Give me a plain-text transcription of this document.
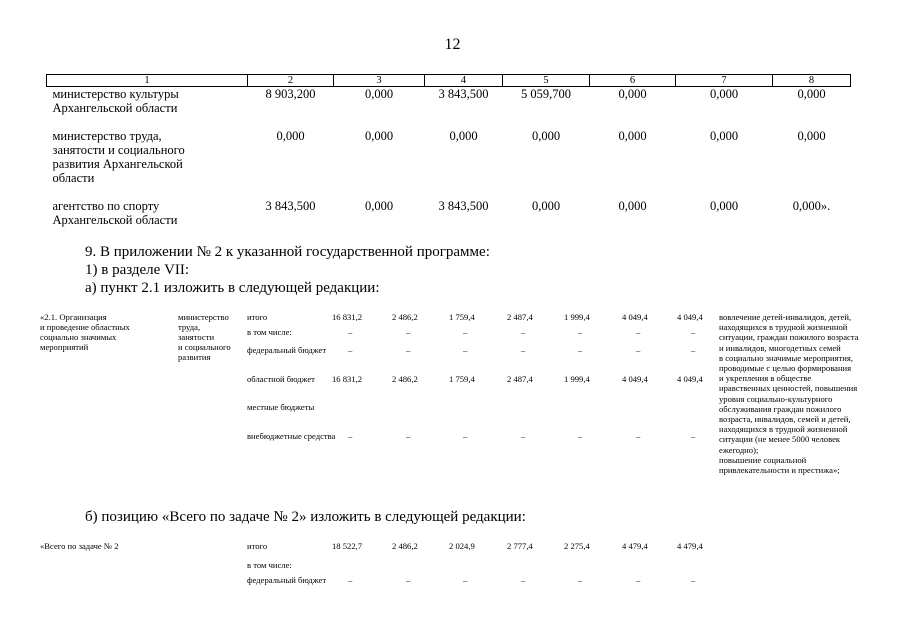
12
1	2	3	4	5	6	7	8
министерство культуры
Архангельской области	8 903,200	0,000	3 843,500	5 059,700	0,000	0,000	0,000

министерство труда,
занятости и социального
развития Архангельской
области	0,000	0,000	0,000	0,000	0,000	0,000	0,000

агентство по спорту
Архангельской области	3 843,500	0,000	3 843,500	0,000	0,000	0,000	0,000».
9. В приложении № 2 к указанной государственной программе:
1) в разделе VII:
а) пункт 2.1 изложить в следующей редакции:
«2.1. Организация
и проведение областных
социально значимых
мероприятий
министерство
труда,
занятости
и социального
развития
итого	16 831,2	2 486,2	1 759,4	2 487,4	1 999,4	4 049,4	4 049,4
в том числе:	–	–	–	–	–	–	–
федеральный бюджет	–	–	–	–	–	–	–
областной бюджет 16 831,2	2 486,2	1 759,4	2 487,4	1 999,4	4 049,4	4 049,4
местные бюджеты
внебюджетные средства –	–	–	–	–	–	–
вовлечение детей-инвалидов, детей,
находящихся в трудной жизненной
ситуации, граждан пожилого возраста
и инвалидов, многодетных семей
в социально значимые мероприятия,
проводимые с целью формирования
и укрепления в обществе
нравственных ценностей, повышения
уровня социально-культурного
обслуживания граждан пожилого
возраста, инвалидов, семей и детей,
находящихся в трудной жизненной
ситуации (не менее 5000 человек
ежегодно);
повышение социальной
привлекательности и престижа»;
б) позицию «Всего по задаче № 2» изложить в следующей редакции:
«Всего по задаче № 2	итого	18 522,7	2 486,2	2 024,9	2 777,4	2 275,4	4 479,4	4 479,4
в том числе:
федеральный бюджет	–	–	–	–	–	–	–
